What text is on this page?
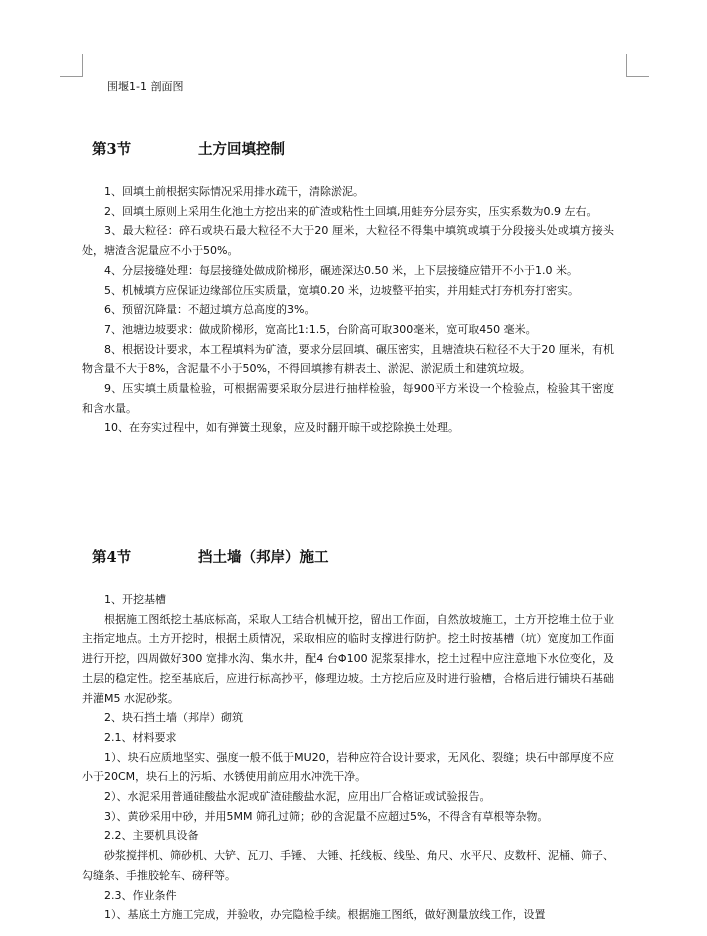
围堰1-1 剖面图
第3节	土方回填控制

1、回填土前根据实际情况采用排水疏干，清除淤泥。

2、回填土原则上采用生化池土方挖出来的矿渣或粘性土回填,用蛙夯分层夯实，压实系数为0.9 左右。

3、最大粒径：碎石或块石最大粒径不大于20 厘米，大粒径不得集中填筑或填于分段接头处或填方接头处，塘渣含泥量应不小于50%。

4、分层接缝处理：每层接缝处做成阶梯形，碾迹深达0.50 米，上下层接缝应错开不小于1.0 米。

5、机械填方应保证边缘部位压实质量，宽填0.20 米，边坡整平拍实，并用蛙式打夯机夯打密实。

6、预留沉降量：不超过填方总高度的3%。

7、池塘边坡要求：做成阶梯形，宽高比1:1.5，台阶高可取300毫米，宽可取450 毫米。

8、根据设计要求，本工程填料为矿渣，要求分层回填、碾压密实，且塘渣块石粒径不大于20 厘米，有机物含量不大于8%，含泥量不小于50%，不得回填掺有耕表土、淤泥、淤泥质土和建筑垃圾。

9、压实填土质量检验，可根据需要采取分层进行抽样检验，每900平方米设一个检验点，检验其干密度和含水量。

10、在夯实过程中，如有弹簧土现象，应及时翻开晾干或挖除换土处理。

第4节	挡土墙（邦岸）施工

1、开挖基槽

根据施工图纸挖土基底标高，采取人工结合机械开挖，留出工作面，自然放坡施工，土方开挖堆土位于业主指定地点。土方开挖时，根据土质情况，采取相应的临时支撑进行防护。挖土时按基槽（坑）宽度加工作面进行开挖，四周做好300 宽排水沟、集水井，配4 台Φ100 泥浆泵排水，挖土过程中应注意地下水位变化，及土层的稳定性。挖至基底后，应进行标高抄平，修理边坡。土方挖后应及时进行验槽，合格后进行铺块石基础并灌M5 水泥砂浆。

2、块石挡土墙（邦岸）砌筑

2.1、材料要求

1）、块石应质地坚实、强度一般不低于MU20，岩种应符合设计要求，无风化、裂缝；块石中部厚度不应小于20CM，块石上的污垢、水锈使用前应用水冲洗干净。

2）、水泥采用普通硅酸盐水泥或矿渣硅酸盐水泥，应用出厂合格证或试验报告。

3）、黄砂采用中砂，并用5MM 筛孔过筛；砂的含泥量不应超过5%，不得含有草根等杂物。

2.2、主要机具设备

砂浆搅拌机、筛砂机、大铲、瓦刀、手锤、 大锤、托线板、线坠、角尺、水平尺、皮数杆、泥桶、筛子、勾缝条、手推胶轮车、磅秤等。

2.3、作业条件

1）、基底土方施工完成，并验收，办完隐检手续。根据施工图纸，做好测量放线工作，设置
